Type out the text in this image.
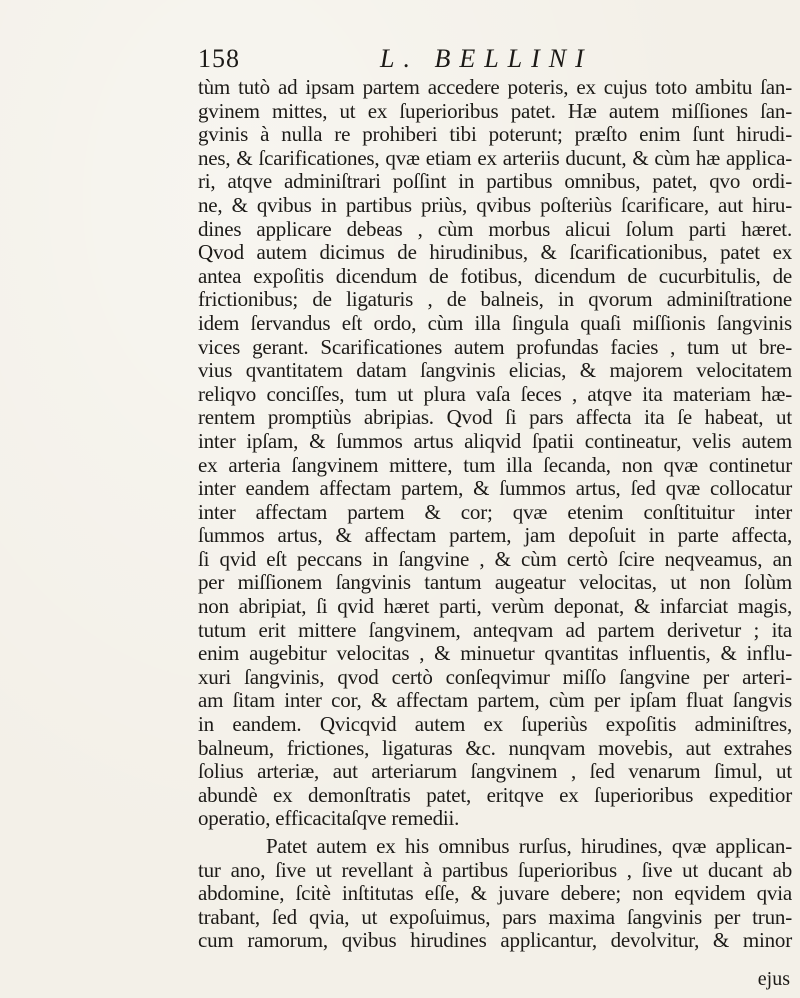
158	L. BELLINI
tùm tutò ad ipsam partem accedere poteris, ex cujus toto ambitu ſan-
gvinem mittes, ut ex ſuperioribus patet. Hæ autem miſſiones ſan-
gvinis à nulla re prohiberi tibi poterunt; præſto enim ſunt hirudi-
nes, & ſcarificationes, qvæ etiam ex arteriis ducunt, & cùm hæ applica-
ri, atqve adminiſtrari poſſint in partibus omnibus, patet, qvo ordi-
ne, & qvibus in partibus priùs, qvibus poſteriùs ſcarificare, aut hiru-
dines applicare debeas , cùm morbus alicui ſolum parti hæret.
Qvod autem dicimus de hirudinibus, & ſcarificationibus, patet ex
antea expoſitis dicendum de fotibus, dicendum de cucurbitulis, de
frictionibus; de ligaturis , de balneis, in qvorum adminiſtratione
idem ſervandus eſt ordo, cùm illa ſingula quaſi miſſionis ſangvinis
vices gerant. Scarificationes autem profundas facies , tum ut bre-
vius qvantitatem datam ſangvinis elicias, & majorem velocitatem
reliqvo conciſſes, tum ut plura vaſa ſeces , atqve ita materiam hæ-
rentem promptiùs abripias. Qvod ſi pars affecta ita ſe habeat, ut
inter ipſam, & ſummos artus aliqvid ſpatii contineatur, velis autem
ex arteria ſangvinem mittere, tum illa ſecanda, non qvæ continetur
inter eandem affectam partem, & ſummos artus, ſed qvæ collocatur
inter affectam partem & cor; qvæ etenim conſtituitur inter
ſummos artus, & affectam partem, jam depoſuit in parte affecta,
ſi qvid eſt peccans in ſangvine , & cùm certò ſcire neqveamus, an
per miſſionem ſangvinis tantum augeatur velocitas, ut non ſolùm
non abripiat, ſi qvid hæret parti, verùm deponat, & infarciat magis,
tutum erit mittere ſangvinem, anteqvam ad partem derivetur ; ita
enim augebitur velocitas , & minuetur qvantitas influentis, & influ-
xuri ſangvinis, qvod certò conſeqvimur miſſo ſangvine per arteri-
am ſitam inter cor, & affectam partem, cùm per ipſam fluat ſangvis
in eandem. Qvicqvid autem ex ſuperiùs expoſitis adminiſtres,
balneum, frictiones, ligaturas &c. nunqvam movebis, aut extrahes
ſolius arteriæ, aut arteriarum ſangvinem , ſed venarum ſimul, ut
abundè ex demonſtratis patet, eritqve ex ſuperioribus expeditior
operatio, efficacitaſqve remedii.
Patet autem ex his omnibus rurſus, hirudines, qvæ applican-
tur ano, ſive ut revellant à partibus ſuperioribus , ſive ut ducant ab
abdomine, ſcitè inſtitutas eſſe, & juvare debere; non eqvidem qvia
trabant, ſed qvia, ut expoſuimus, pars maxima ſangvinis per trun-
cum ramorum, qvibus hirudines applicantur, devolvitur, & minor
ejus
